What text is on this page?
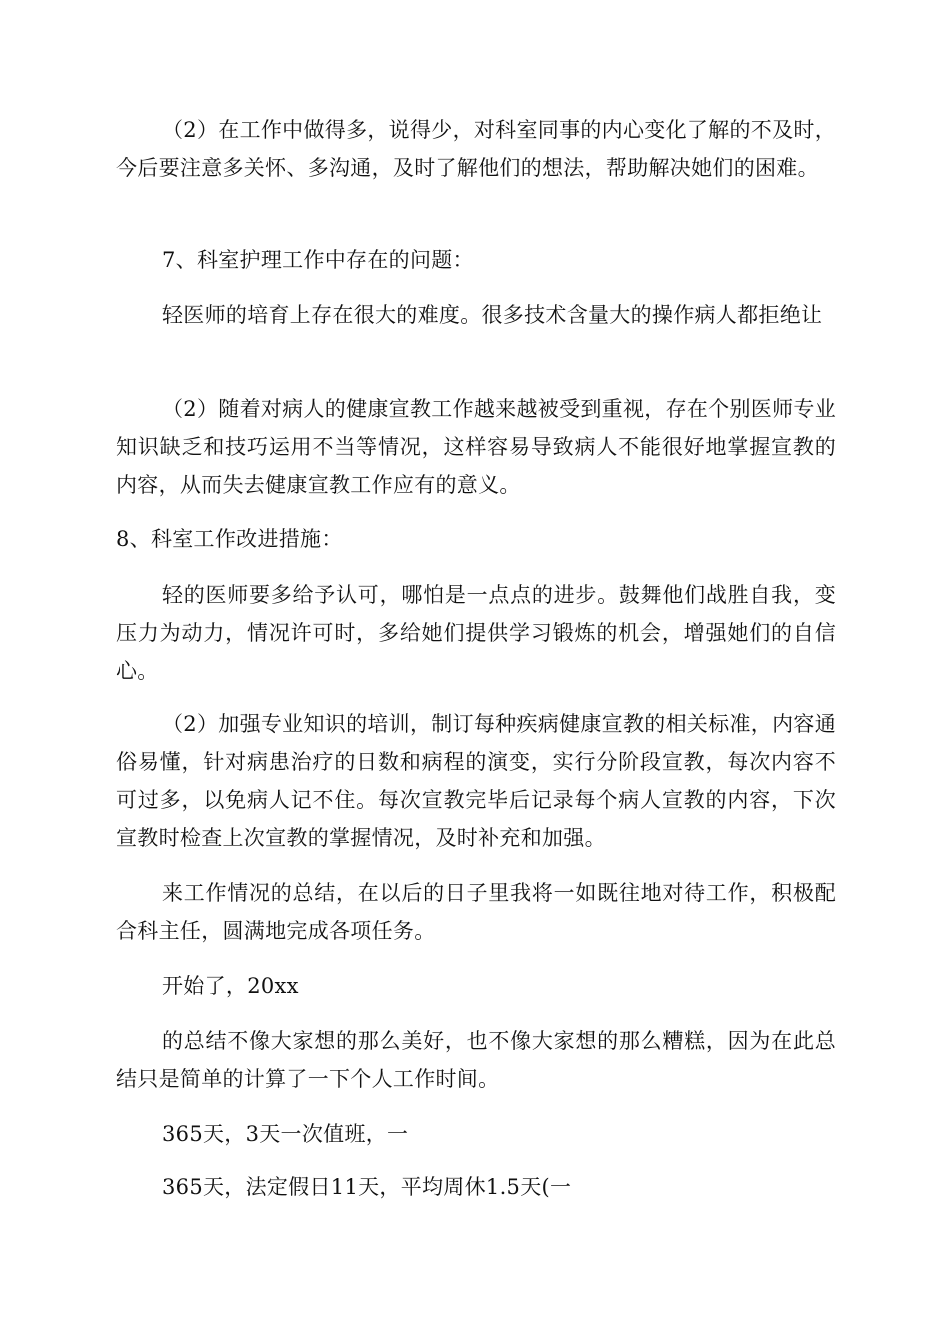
（2）在工作中做得多，说得少，对科室同事的内心变化了解的不及时，今后要注意多关怀、多沟通，及时了解他们的想法，帮助解决她们的困难。

7、科室护理工作中存在的问题：

轻医师的培育上存在很大的难度。很多技术含量大的操作病人都拒绝让

（2）随着对病人的健康宣教工作越来越被受到重视，存在个别医师专业知识缺乏和技巧运用不当等情况，这样容易导致病人不能很好地掌握宣教的内容，从而失去健康宣教工作应有的意义。

8、科室工作改进措施：

轻的医师要多给予认可，哪怕是一点点的进步。鼓舞他们战胜自我，变压力为动力，情况许可时，多给她们提供学习锻炼的机会，增强她们的自信心。

（2）加强专业知识的培训，制订每种疾病健康宣教的相关标准，内容通俗易懂，针对病患治疗的日数和病程的演变，实行分阶段宣教，每次内容不可过多，以免病人记不住。每次宣教完毕后记录每个病人宣教的内容，下次宣教时检查上次宣教的掌握情况，及时补充和加强。

来工作情况的总结，在以后的日子里我将一如既往地对待工作，积极配合科主任，圆满地完成各项任务。

开始了，20xx

的总结不像大家想的那么美好，也不像大家想的那么糟糕，因为在此总结只是简单的计算了一下个人工作时间。

365天，3天一次值班，一

365天，法定假日11天，平均周休1.5天(一
